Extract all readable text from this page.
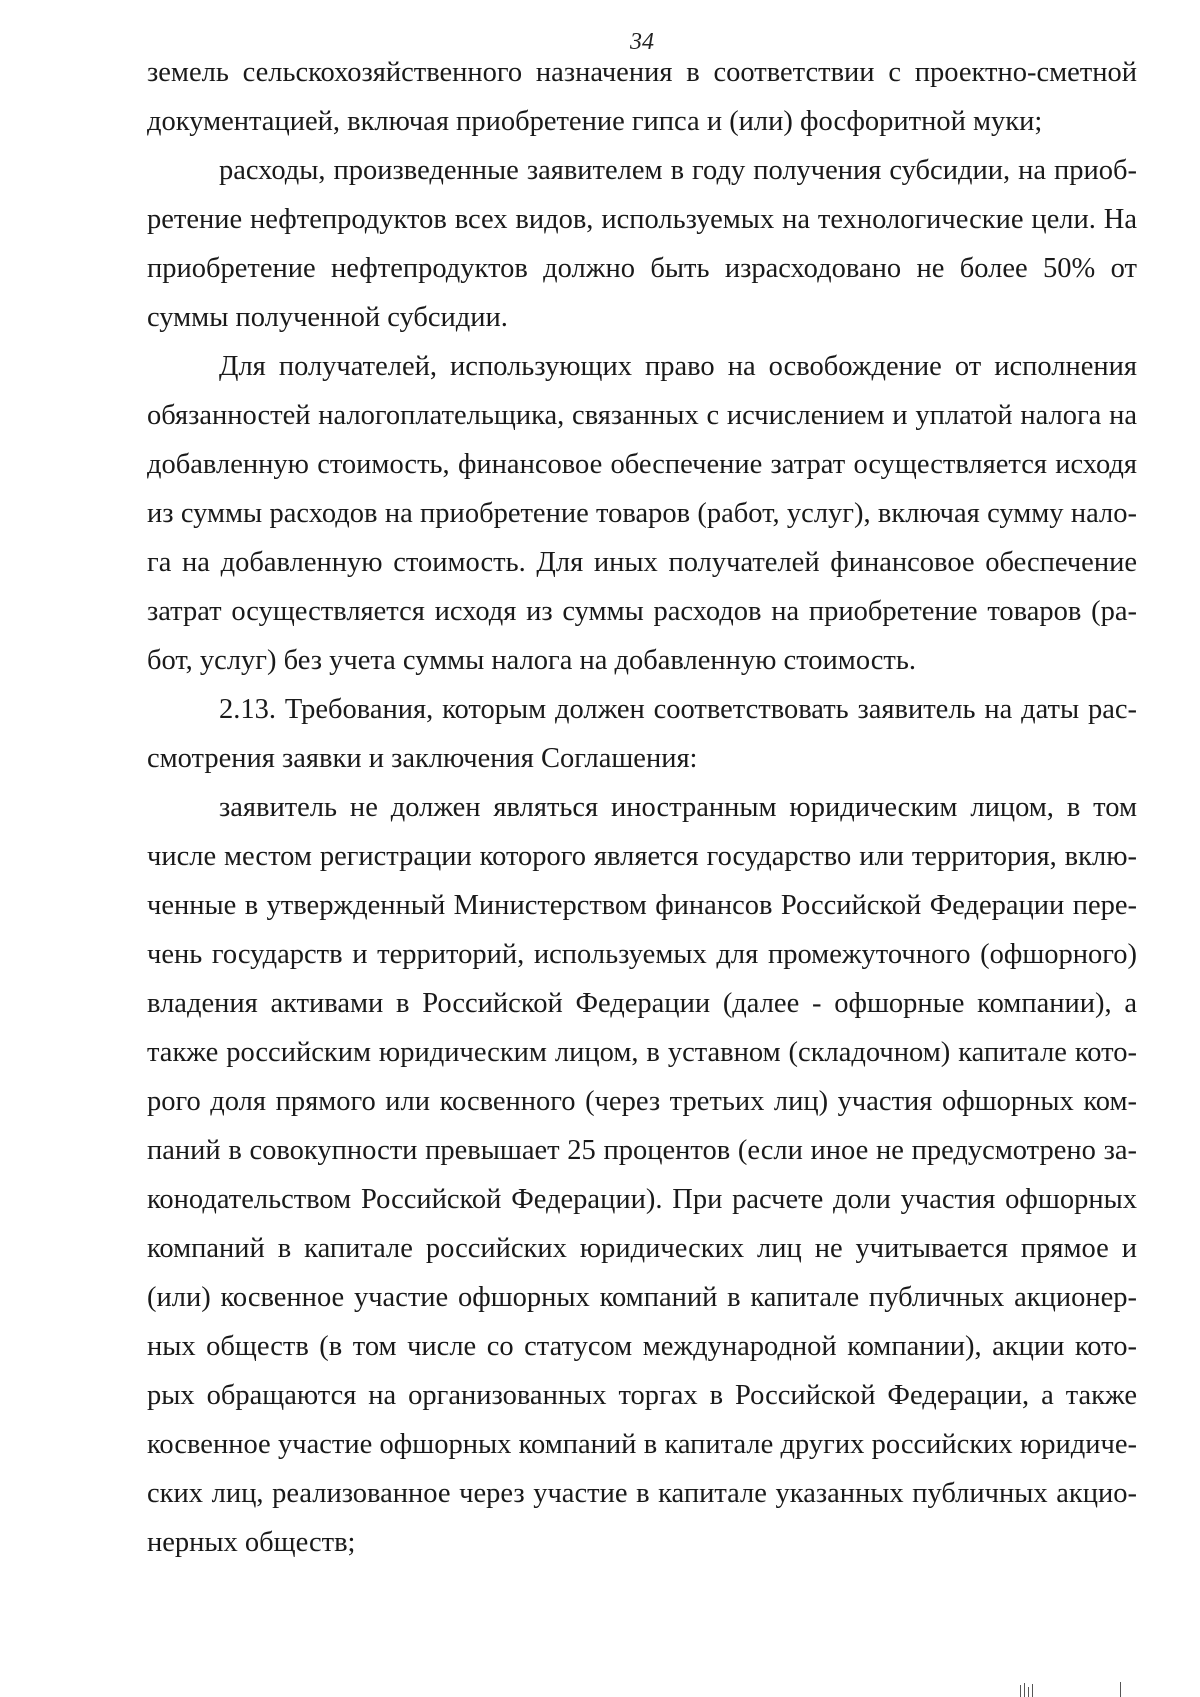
34

земель сельскохозяйственного назначения в соответствии с проектно-сметной документацией, включая приобретение гипса и (или) фосфоритной муки;

расходы, произведенные заявителем в году получения субсидии, на приобретение нефтепродуктов всех видов, используемых на технологические цели. На приобретение нефтепродуктов должно быть израсходовано не более 50% от суммы полученной субсидии.

Для получателей, использующих право на освобождение от исполнения обязанностей налогоплательщика, связанных с исчислением и уплатой налога на добавленную стоимость, финансовое обеспечение затрат осуществляется исходя из суммы расходов на приобретение товаров (работ, услуг), включая сумму налога на добавленную стоимость. Для иных получателей финансовое обеспечение затрат осуществляется исходя из суммы расходов на приобретение товаров (работ, услуг) без учета суммы налога на добавленную стоимость.

2.13. Требования, которым должен соответствовать заявитель на даты рассмотрения заявки и заключения Соглашения:

заявитель не должен являться иностранным юридическим лицом, в том числе местом регистрации которого является государство или территория, включенные в утвержденный Министерством финансов Российской Федерации перечень государств и территорий, используемых для промежуточного (офшорного) владения активами в Российской Федерации (далее - офшорные компании), а также российским юридическим лицом, в уставном (складочном) капитале которого доля прямого или косвенного (через третьих лиц) участия офшорных компаний в совокупности превышает 25 процентов (если иное не предусмотрено законодательством Российской Федерации). При расчете доли участия офшорных компаний в капитале российских юридических лиц не учитывается прямое и (или) косвенное участие офшорных компаний в капитале публичных акционерных обществ (в том числе со статусом международной компании), акции которых обращаются на организованных торгах в Российской Федерации, а также косвенное участие офшорных компаний в капитале других российских юридических лиц, реализованное через участие в капитале указанных публичных акционерных обществ;
